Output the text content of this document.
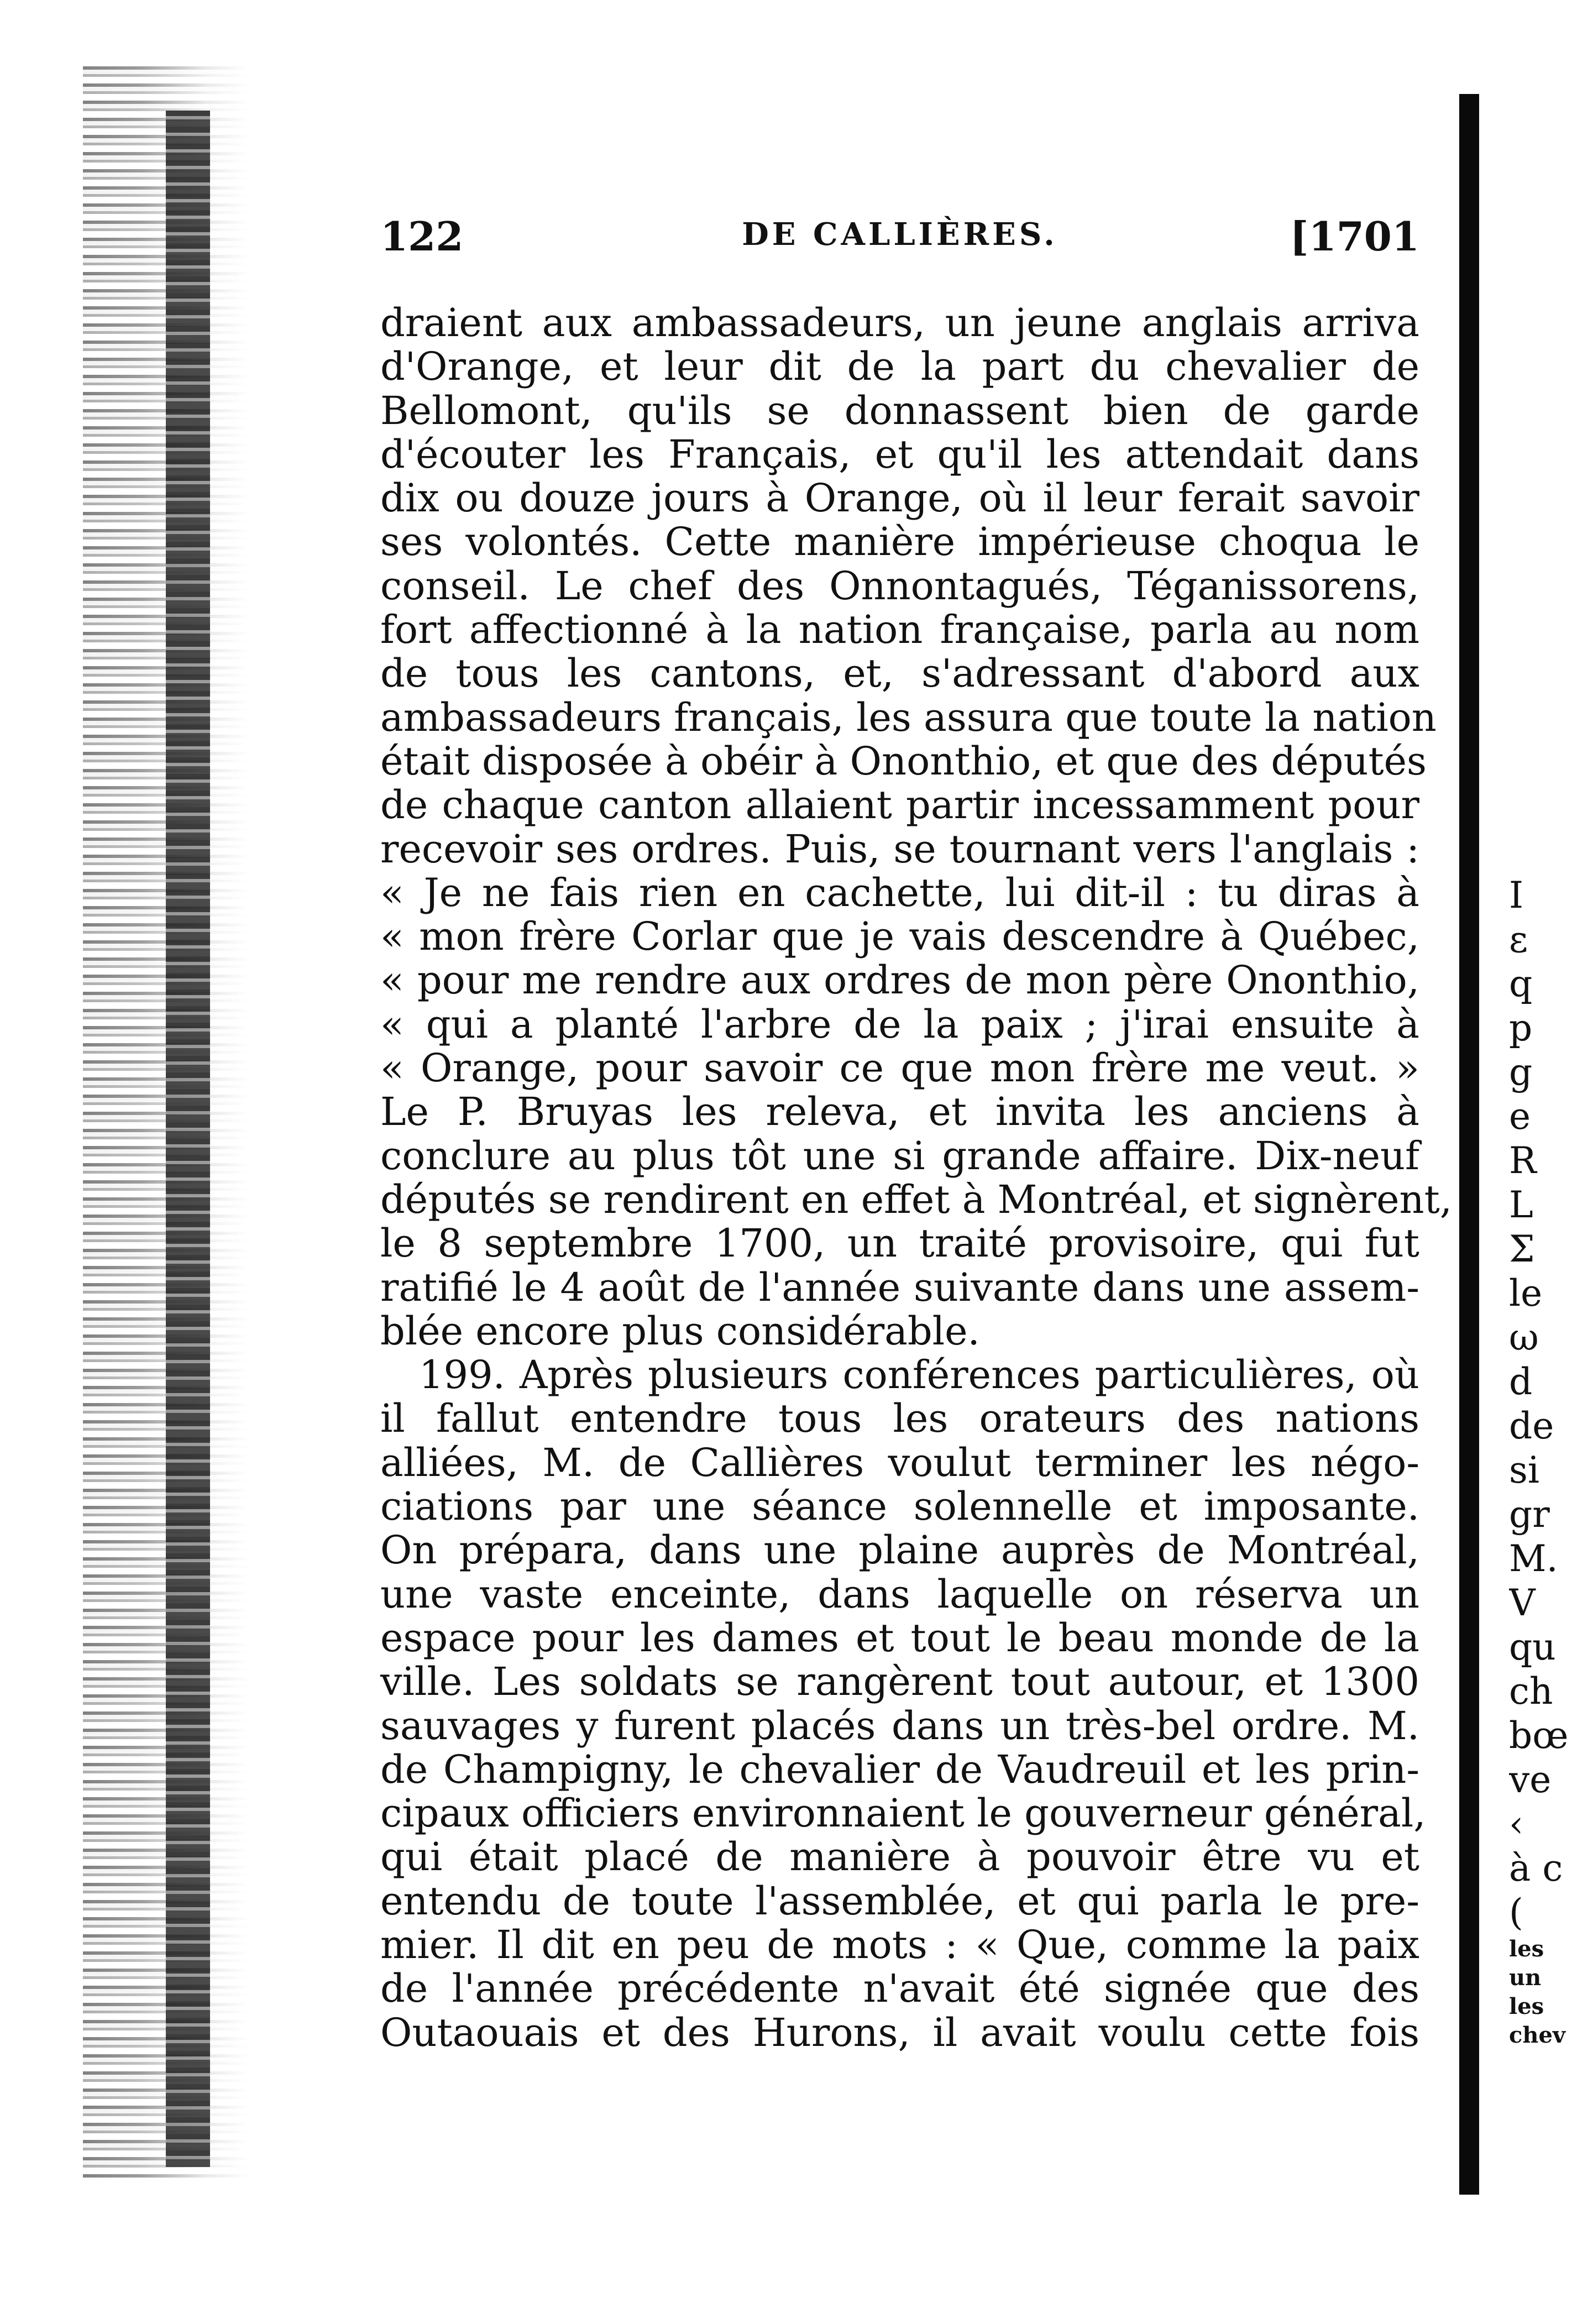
122	DE CALLIÈRES.	[1701
draient aux ambassadeurs, un jeune anglais arriva
d'Orange, et leur dit de la part du chevalier de
Bellomont, qu'ils se donnassent bien de garde
d'écouter les Français, et qu'il les attendait dans
dix ou douze jours à Orange, où il leur ferait savoir
ses volontés. Cette manière impérieuse choqua le
conseil. Le chef des Onnontagués, Téganissorens,
fort affectionné à la nation française, parla au nom
de tous les cantons, et, s'adressant d'abord aux
ambassadeurs français, les assura que toute la nation
était disposée à obéir à Ononthio, et que des députés
de chaque canton allaient partir incessamment pour
recevoir ses ordres. Puis, se tournant vers l'anglais :
« Je ne fais rien en cachette, lui dit-il : tu diras à
« mon frère Corlar que je vais descendre à Québec,
« pour me rendre aux ordres de mon père Ononthio,
« qui a planté l'arbre de la paix ; j'irai ensuite à
« Orange, pour savoir ce que mon frère me veut. »
Le P. Bruyas les releva, et invita les anciens à
conclure au plus tôt une si grande affaire. Dix-neuf
députés se rendirent en effet à Montréal, et signèrent,
le 8 septembre 1700, un traité provisoire, qui fut
ratifié le 4 août de l'année suivante dans une assem-
blée encore plus considérable.
199. Après plusieurs conférences particulières, où
il fallut entendre tous les orateurs des nations
alliées, M. de Callières voulut terminer les négo-
ciations par une séance solennelle et imposante.
On prépara, dans une plaine auprès de Montréal,
une vaste enceinte, dans laquelle on réserva un
espace pour les dames et tout le beau monde de la
ville. Les soldats se rangèrent tout autour, et 1300
sauvages y furent placés dans un très-bel ordre. M.
de Champigny, le chevalier de Vaudreuil et les prin-
cipaux officiers environnaient le gouverneur général,
qui était placé de manière à pouvoir être vu et
entendu de toute l'assemblée, et qui parla le pre-
mier. Il dit en peu de mots : « Que, comme la paix
de l'année précédente n'avait été signée que des
Outaouais et des Hurons, il avait voulu cette fois
I
ε
q
p
g
e
R
L
Σ
le
ω
d
de
si
gr
M.
V
qu
ch
bœ
ve
‹
à c
(
les
un
les
chev
